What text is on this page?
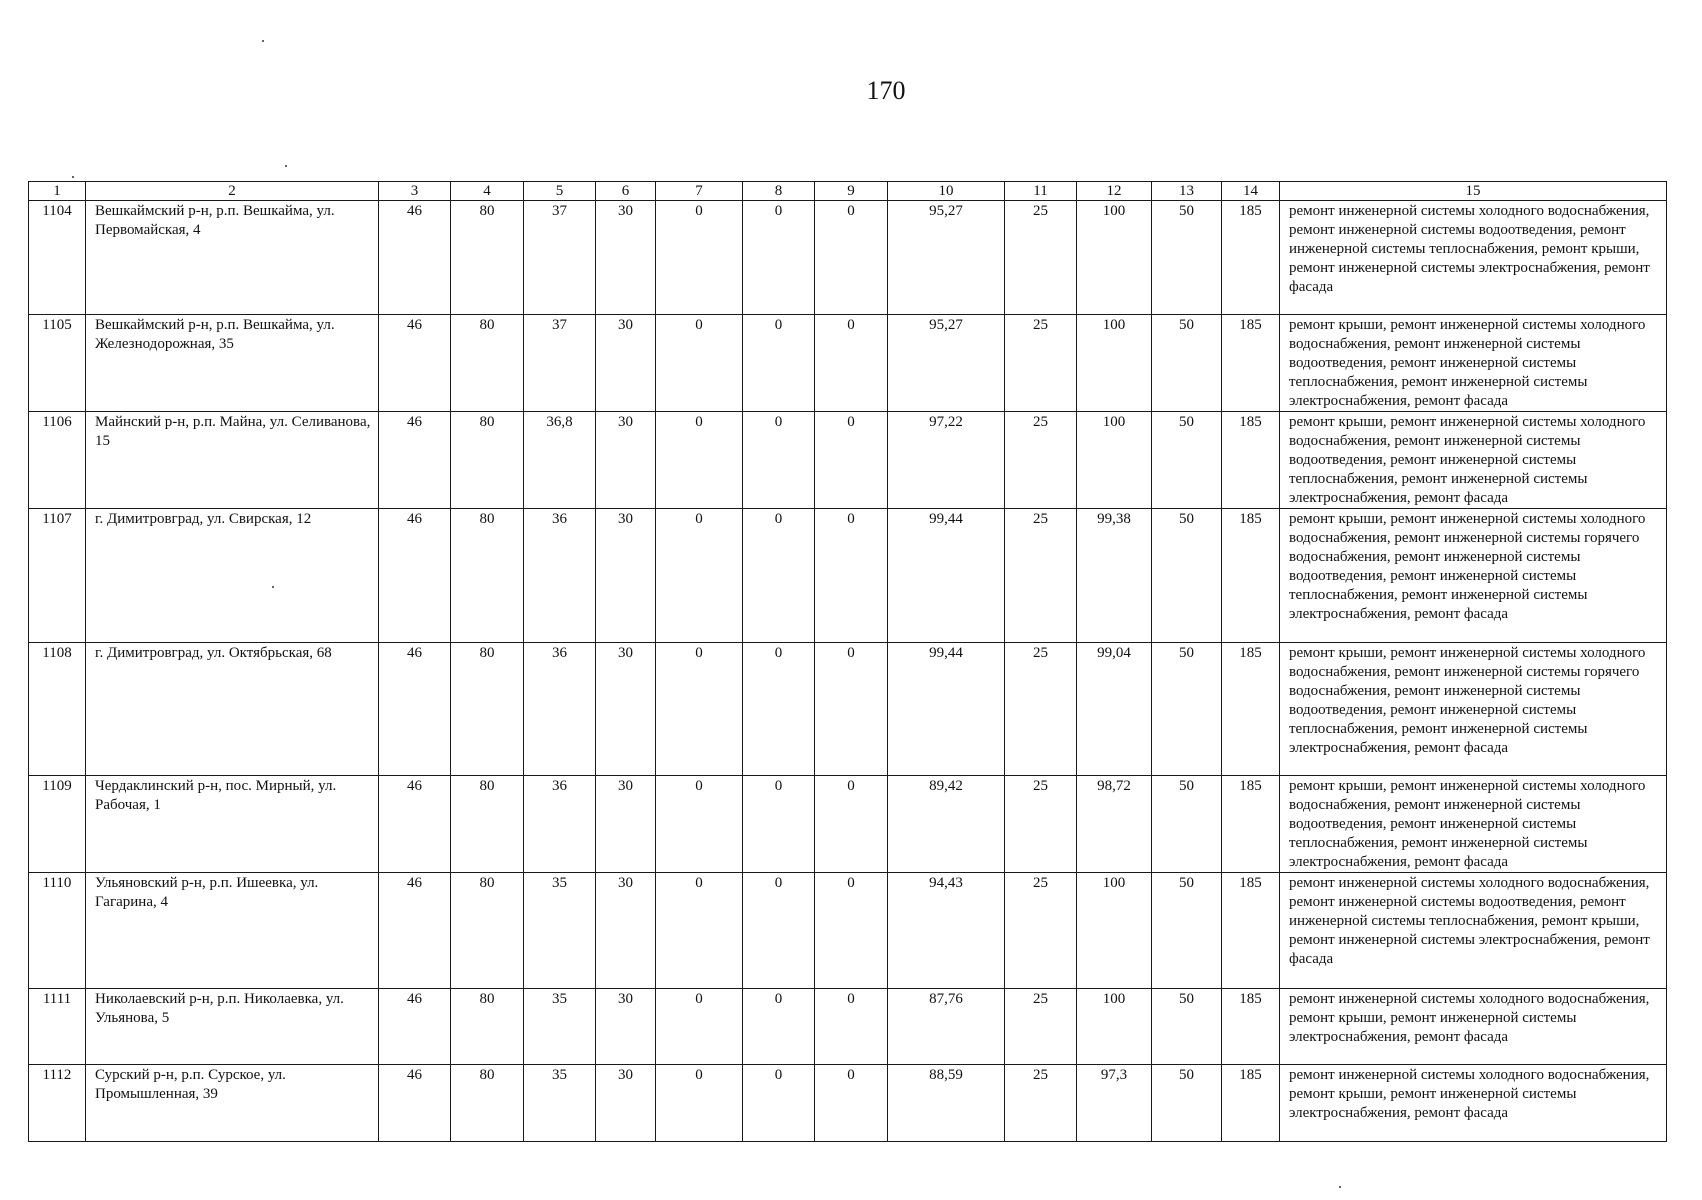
170
1	2	3	4	5	6	7	8	9	10	11	12	13	14	15
1104	Вешкаймский р-н, р.п. Вешкайма, ул. Первомайская, 4	46	80	37	30	0	0	0	95,27	25	100	50	185	ремонт инженерной системы холодного водоснабжения, ремонт инженерной системы водоотведения, ремонт инженерной системы теплоснабжения, ремонт крыши, ремонт инженерной системы электроснабжения, ремонт фасада
1105	Вешкаймский р-н, р.п. Вешкайма, ул. Железнодорожная, 35	46	80	37	30	0	0	0	95,27	25	100	50	185	ремонт крыши, ремонт инженерной системы холодного водоснабжения, ремонт инженерной системы водоотведения, ремонт инженерной системы теплоснабжения, ремонт инженерной системы электроснабжения, ремонт фасада
1106	Майнский р-н, р.п. Майна, ул. Селиванова, 15	46	80	36,8	30	0	0	0	97,22	25	100	50	185	ремонт крыши, ремонт инженерной системы холодного водоснабжения, ремонт инженерной системы водоотведения, ремонт инженерной системы теплоснабжения, ремонт инженерной системы электроснабжения, ремонт фасада
1107	г. Димитровград, ул. Свирская, 12	46	80	36	30	0	0	0	99,44	25	99,38	50	185	ремонт крыши, ремонт инженерной системы холодного водоснабжения, ремонт инженерной системы горячего водоснабжения, ремонт инженерной системы водоотведения, ремонт инженерной системы теплоснабжения, ремонт инженерной системы электроснабжения, ремонт фасада
1108	г. Димитровград, ул. Октябрьская, 68	46	80	36	30	0	0	0	99,44	25	99,04	50	185	ремонт крыши, ремонт инженерной системы холодного водоснабжения, ремонт инженерной системы горячего водоснабжения, ремонт инженерной системы водоотведения, ремонт инженерной системы теплоснабжения, ремонт инженерной системы электроснабжения, ремонт фасада
1109	Чердаклинский р-н, пос. Мирный, ул. Рабочая, 1	46	80	36	30	0	0	0	89,42	25	98,72	50	185	ремонт крыши, ремонт инженерной системы холодного водоснабжения, ремонт инженерной системы водоотведения, ремонт инженерной системы теплоснабжения, ремонт инженерной системы электроснабжения, ремонт фасада
1110	Ульяновский р-н, р.п. Ишеевка, ул. Гагарина, 4	46	80	35	30	0	0	0	94,43	25	100	50	185	ремонт инженерной системы холодного водоснабжения, ремонт инженерной системы водоотведения, ремонт инженерной системы теплоснабжения, ремонт крыши, ремонт инженерной системы электроснабжения, ремонт фасада
1111	Николаевский р-н, р.п. Николаевка, ул. Ульянова, 5	46	80	35	30	0	0	0	87,76	25	100	50	185	ремонт инженерной системы холодного водоснабжения, ремонт крыши, ремонт инженерной системы электроснабжения, ремонт фасада
1112	Сурский р-н, р.п. Сурское, ул. Промышленная, 39	46	80	35	30	0	0	0	88,59	25	97,3	50	185	ремонт инженерной системы холодного водоснабжения, ремонт крыши, ремонт инженерной системы электроснабжения, ремонт фасада
